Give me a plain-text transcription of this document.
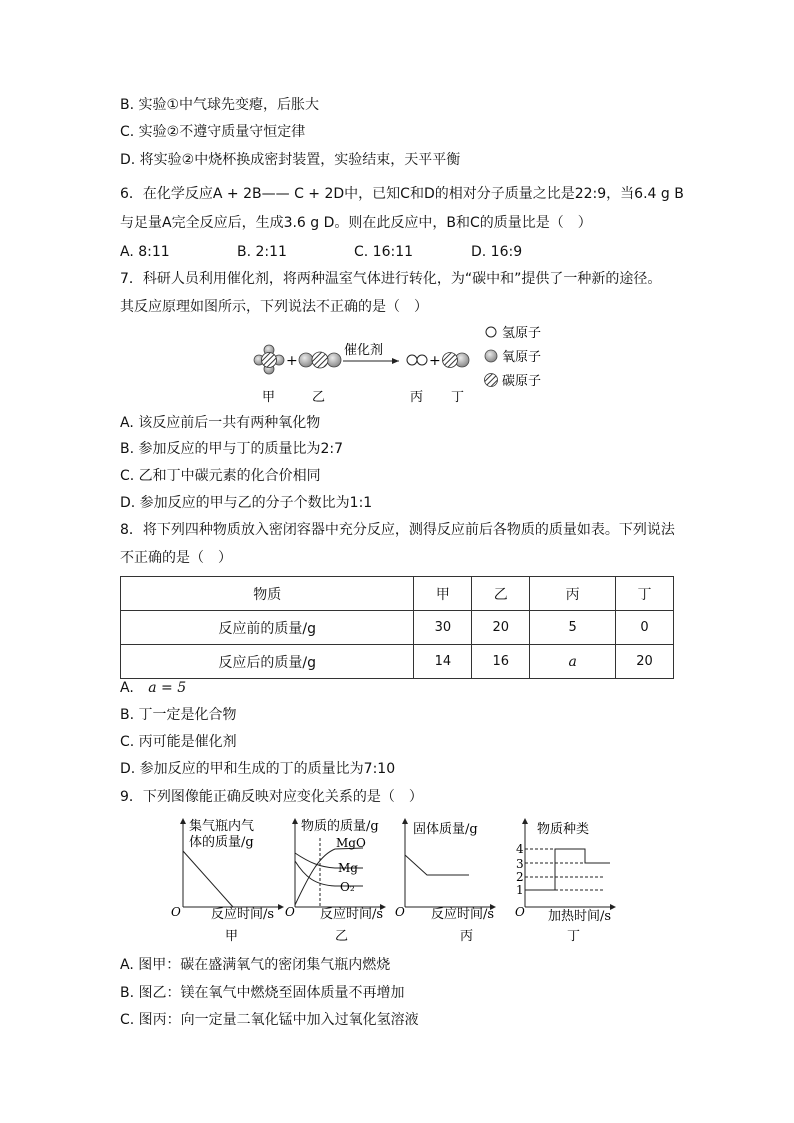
B. 实验①中气球先变瘪，后胀大
C. 实验②不遵守质量守恒定律
D. 将实验②中烧杯换成密封装置，实验结束，天平平衡
6．在化学反应A + 2B—— C + 2D中，已知C和D的相对分子质量之比是22:9，当6.4 g B
与足量A完全反应后，生成3.6 g D。则在此反应中，B和C的质量比是（　）
A. 8:11	B. 2:11	C. 16:11	D. 16:9
7．科研人员利用催化剂，将两种温室气体进行转化，为“碳中和”提供了一种新的途径。
其反应原理如图所示，下列说法不正确的是（　）
+
催化剂
+
甲	乙	丙 丁
氢原子
氧原子
碳原子
A. 该反应前后一共有两种氧化物
B. 参加反应的甲与丁的质量比为2:7
C. 乙和丁中碳元素的化合价相同
D. 参加反应的甲与乙的分子个数比为1:1
8．将下列四种物质放入密闭容器中充分反应，测得反应前后各物质的质量如表。下列说法
不正确的是（　）
物质	甲	乙	丙	丁
反应前的质量/g	30	20	5	0
反应后的质量/g	14	16	a	20
A. a = 5
B. 丁一定是化合物
C. 丙可能是催化剂
D. 参加反应的甲和生成的丁的质量比为7:10
9．下列图像能正确反映对应变化关系的是（　）
集气瓶内气
体的质量/g
O 反应时间/s
甲
物质的质量/g
MgO
Mg
O₂
O 反应时间/s
乙
固体质量/g
O 反应时间/s
丙
物质种类
4
3
2
1
O 加热时间/s
丁
A. 图甲：碳在盛满氧气的密闭集气瓶内燃烧
B. 图乙：镁在氧气中燃烧至固体质量不再增加
C. 图丙：向一定量二氧化锰中加入过氧化氢溶液
